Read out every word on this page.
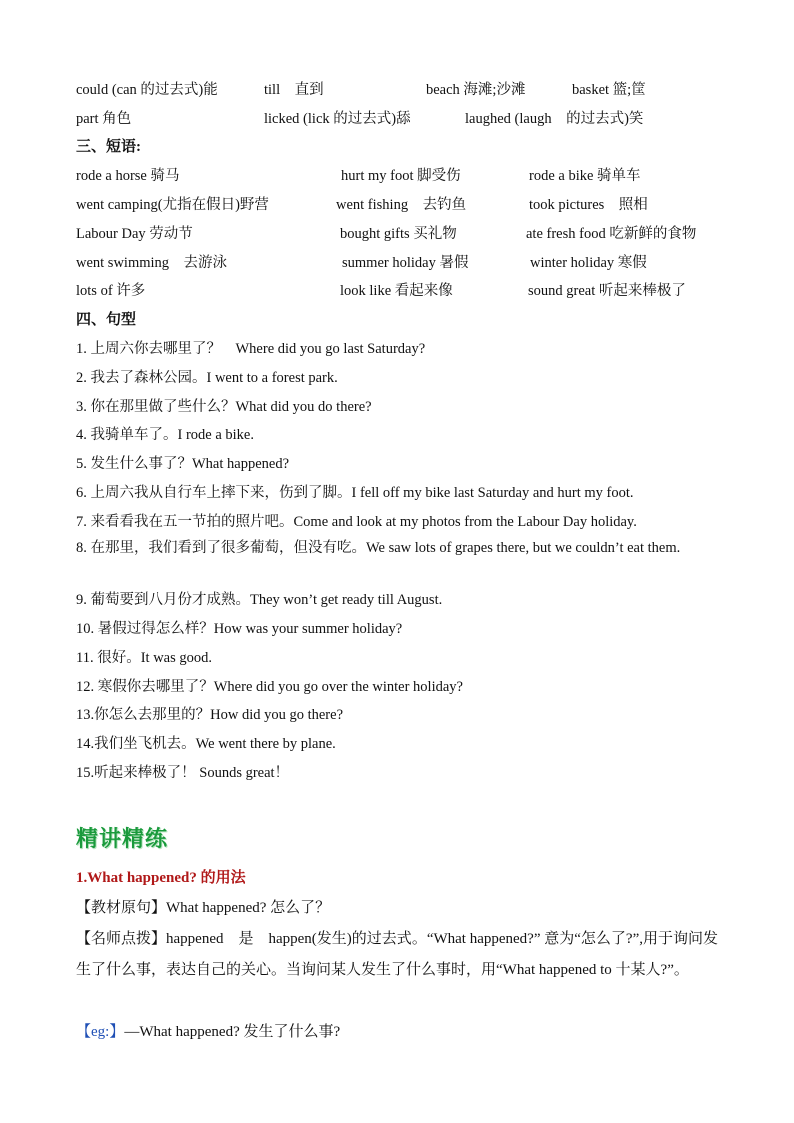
could (can 的过去式)能	till　直到	beach 海滩;沙滩	basket 篮;筐
part 角色	licked (lick 的过去式)舔	laughed (laugh　的过去式)笑
三、短语:
rode a horse 骑马	hurt my foot 脚受伤	rode a bike 骑单车
went camping(尤指在假日)野营	went fishing　去钓鱼	took pictures　照相
Labour Day 劳动节	bought gifts 买礼物	ate fresh food 吃新鲜的食物
went swimming　去游泳	summer holiday 暑假	winter holiday 寒假
lots of 许多	look like 看起来像	sound great 听起来棒极了
四、句型
1. 上周六你去哪里了？　Where did you go last Saturday?
2. 我去了森林公园。I went to a forest park.
3. 你在那里做了些什么？What did you do there?
4. 我骑单车了。I rode a bike.
5. 发生什么事了？What happened?
6. 上周六我从自行车上摔下来，伤到了脚。I fell off my bike last Saturday and hurt my foot.
7. 来看看我在五一节拍的照片吧。Come and look at my photos from the Labour Day holiday.
8. 在那里，我们看到了很多葡萄，但没有吃。We saw lots of grapes there, but we couldn’t eat them.
9. 葡萄要到八月份才成熟。They won’t get ready till August.
10. 暑假过得怎么样？How was your summer holiday?
11. 很好。It was good.
12. 寒假你去哪里了？Where did you go over the winter holiday?
13.你怎么去那里的？How did you go there?
14.我们坐飞机去。We went there by plane.
15.听起来棒极了！ Sounds great！
精讲精练
1.What happened? 的用法
【教材原句】What happened? 怎么了？
【名师点拨】happened　是　happen(发生)的过去式。“What happened?” 意为“怎么了?”,用于询问发生了什么事，表达自己的关心。当询问某人发生了什么事时，用“What happened to 十某人?”。
【eg:】—What happened? 发生了什么事?
